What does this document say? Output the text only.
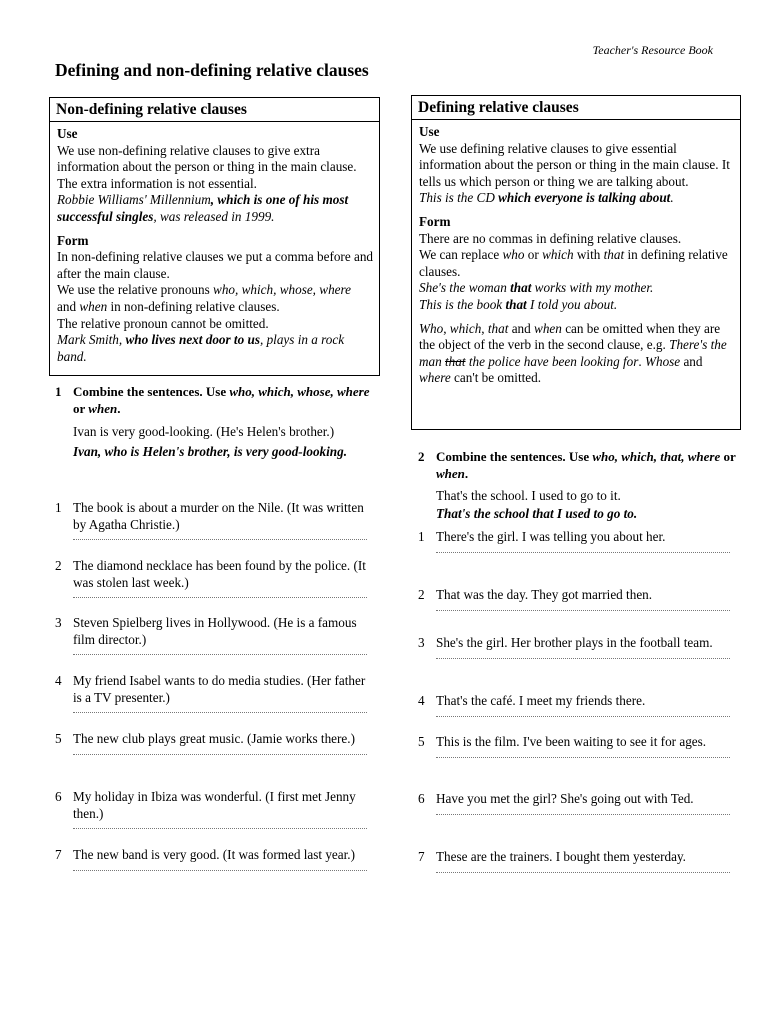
Teacher's Resource Book
Defining and non-defining relative clauses
Non-defining relative clauses
Use
We use non-defining relative clauses to give extra information about the person or thing in the main clause. The extra information is not essential.
Robbie Williams' Millennium, which is one of his most successful singles, was released in 1999.
Form
In non-defining relative clauses we put a comma before and after the main clause.
We use the relative pronouns who, which, whose, where and when in non-defining relative clauses.
The relative pronoun cannot be omitted.
Mark Smith, who lives next door to us, plays in a rock band.
Defining relative clauses
Use
We use defining relative clauses to give essential information about the person or thing in the main clause. It tells us which person or thing we are talking about.
This is the CD which everyone is talking about.
Form
There are no commas in defining relative clauses.
We can replace who or which with that in defining relative clauses.
She's the woman that works with my mother.
This is the book that I told you about.
Who, which, that and when can be omitted when they are the object of the verb in the second clause, e.g. There's the man that the police have been looking for. Whose and where can't be omitted.
1 Combine the sentences. Use who, which, whose, where or when.
Ivan is very good-looking. (He's Helen's brother.)
Ivan, who is Helen's brother, is very good-looking.
1 The book is about a murder on the Nile. (It was written by Agatha Christie.)
2 The diamond necklace has been found by the police. (It was stolen last week.)
3 Steven Spielberg lives in Hollywood. (He is a famous film director.)
4 My friend Isabel wants to do media studies. (Her father is a TV presenter.)
5 The new club plays great music. (Jamie works there.)
6 My holiday in Ibiza was wonderful. (I first met Jenny then.)
7 The new band is very good. (It was formed last year.)
2 Combine the sentences. Use who, which, that, where or when.
That's the school. I used to go to it.
That's the school that I used to go to.
1 There's the girl. I was telling you about her.
2 That was the day. They got married then.
3 She's the girl. Her brother plays in the football team.
4 That's the café. I meet my friends there.
5 This is the film. I've been waiting to see it for ages.
6 Have you met the girl? She's going out with Ted.
7 These are the trainers. I bought them yesterday.
